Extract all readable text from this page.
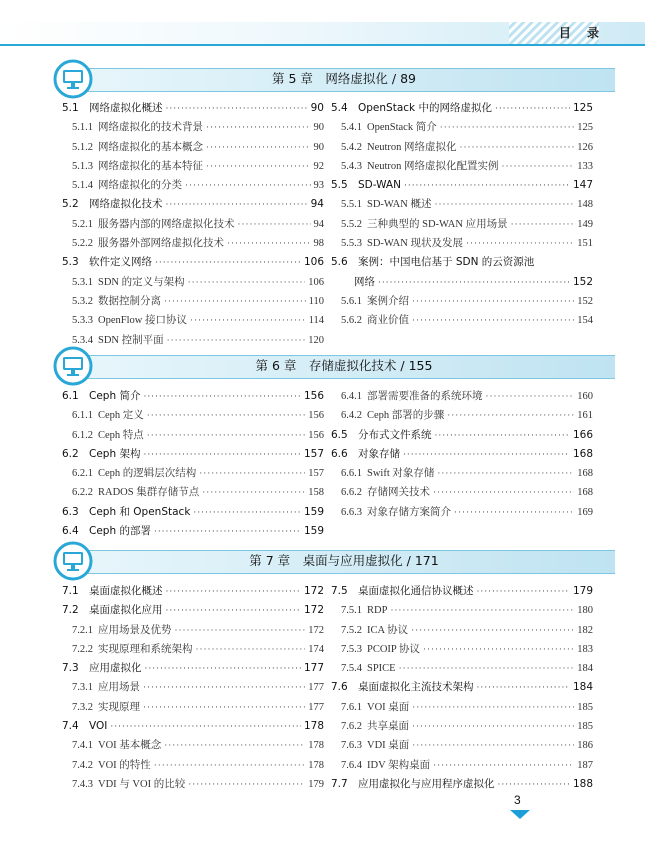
目 录
第 5 章　网络虚拟化 / 89
5.1 网络虚拟化概述 ·····	90
5.1.1 网络虚拟化的技术背景 ·····	90
5.1.2 网络虚拟化的基本概念 ·····	90
5.1.3 网络虚拟化的基本特征 ·····	92
5.1.4 网络虚拟化的分类 ·····	93
5.2 网络虚拟化技术 ·····	94
5.2.1 服务器内部的网络虚拟化技术 ·····	94
5.2.2 服务器外部网络虚拟化技术 ·····	98
5.3 软件定义网络 ·····	106
5.3.1 SDN 的定义与架构 ·····	106
5.3.2 数据控制分离 ·····	110
5.3.3 OpenFlow 接口协议 ·····	114
5.3.4 SDN 控制平面 ·····	120
5.4 OpenStack 中的网络虚拟化 ·····	125
5.4.1 OpenStack 简介 ·····	125
5.4.2 Neutron 网络虚拟化 ·····	126
5.4.3 Neutron 网络虚拟化配置实例 ·····	133
5.5 SD-WAN ·····	147
5.5.1 SD-WAN 概述 ·····	148
5.5.2 三种典型的 SD-WAN 应用场景 ·····	149
5.5.3 SD-WAN 现状及发展 ·····	151
5.6 案例：中国电信基于 SDN 的云资源池
网络 ·····	152
5.6.1 案例介绍 ·····	152
5.6.2 商业价值 ·····	154
第 6 章　存储虚拟化技术 / 155
6.1 Ceph 简介 ·····	156
6.1.1 Ceph 定义 ·····	156
6.1.2 Ceph 特点 ·····	156
6.2 Ceph 架构 ·····	157
6.2.1 Ceph 的逻辑层次结构 ·····	157
6.2.2 RADOS 集群存储节点 ·····	158
6.3 Ceph 和 OpenStack ·····	159
6.4 Ceph 的部署 ·····	159
6.4.1 部署需要准备的系统环境 ·····	160
6.4.2 Ceph 部署的步骤 ·····	161
6.5 分布式文件系统 ·····	166
6.6 对象存储 ·····	168
6.6.1 Swift 对象存储 ·····	168
6.6.2 存储网关技术 ·····	168
6.6.3 对象存储方案简介 ·····	169
第 7 章　桌面与应用虚拟化 / 171
7.1 桌面虚拟化概述 ·····	172
7.2 桌面虚拟化应用 ·····	172
7.2.1 应用场景及优势 ·····	172
7.2.2 实现原理和系统架构 ·····	174
7.3 应用虚拟化 ·····	177
7.3.1 应用场景 ·····	177
7.3.2 实现原理 ·····	177
7.4 VOI ·····	178
7.4.1 VOI 基本概念 ·····	178
7.4.2 VOI 的特性 ·····	178
7.4.3 VDI 与 VOI 的比较 ·····	179
7.5 桌面虚拟化通信协议概述 ·····	179
7.5.1 RDP ·····	180
7.5.2 ICA 协议 ·····	182
7.5.3 PCOIP 协议 ·····	183
7.5.4 SPICE ·····	184
7.6 桌面虚拟化主流技术架构 ·····	184
7.6.1 VOI 桌面 ·····	185
7.6.2 共享桌面 ·····	185
7.6.3 VDI 桌面 ·····	186
7.6.4 IDV 架构桌面 ·····	187
7.7 应用虚拟化与应用程序虚拟化 ·····	188
3
